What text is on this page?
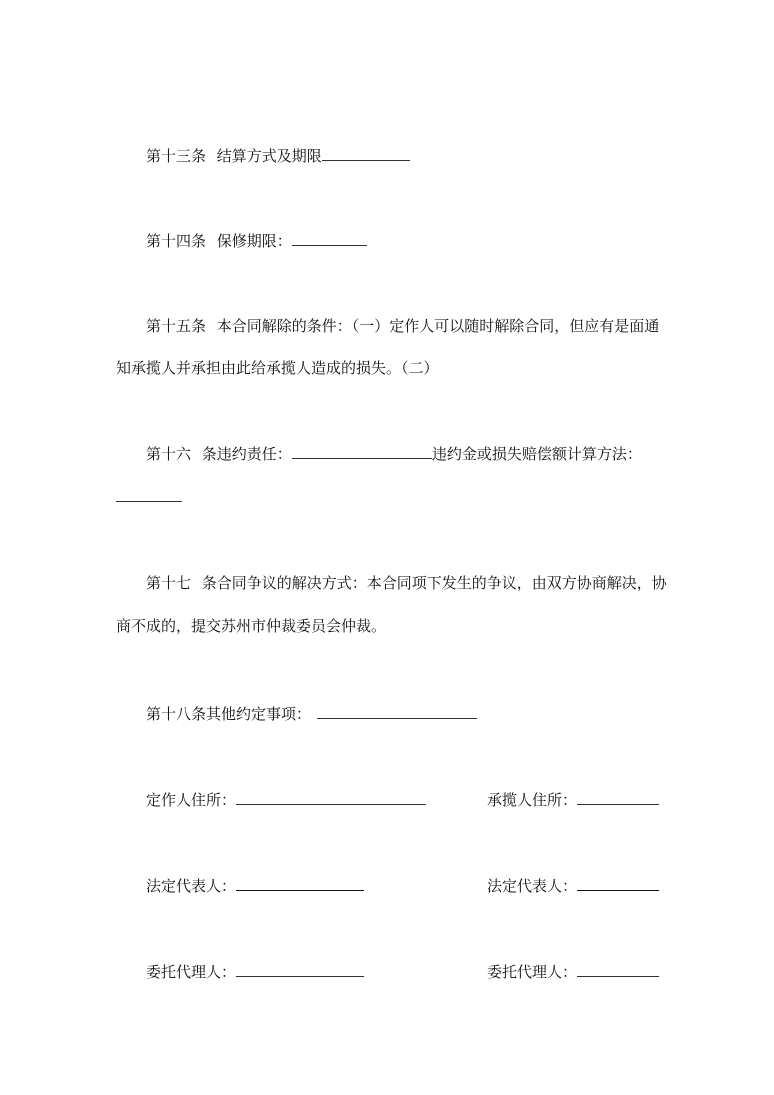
第十三条 结算方式及期限
第十四条 保修期限：
第十五条 本合同解除的条件：（一）定作人可以随时解除合同，但应有是面通
知承揽人并承担由此给承揽人造成的损失。（二）
第十六 条违约责任：	违约金或损失赔偿额计算方法：
第十七 条合同争议的解决方式：本合同项下发生的争议，由双方协商解决，协
商不成的，提交苏州市仲裁委员会仲裁。
第十八条其他约定事项：
定作人住所：	承揽人住所：
法定代表人：	法定代表人：
委托代理人：	委托代理人：
